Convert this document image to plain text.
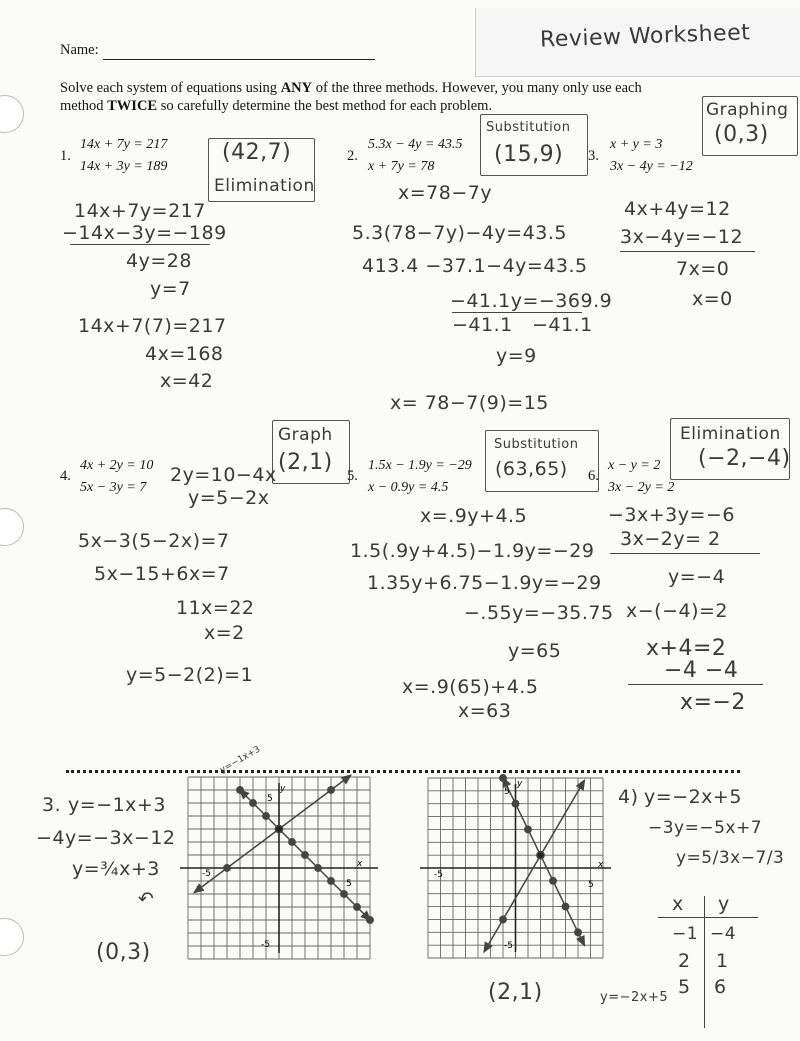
Review Worksheet
Name:
Solve each system of equations using ANY of the three methods. However, you many only use each
method TWICE so carefully determine the best method for each problem.
1.
14x + 7y = 217
14x + 3y = 189
(42,7)
Elimination
14x+7y=217
−14x−3y=−189
4y=28
y=7
14x+7(7)=217
4x=168
x=42
2.
5.3x − 4y = 43.5
x + 7y = 78
Substitution
(15,9)
x=78−7y
5.3(78−7y)−4y=43.5
413.4 −37.1−4y=43.5
−41.1y=−369.9
−41.1 −41.1
y=9
x= 78−7(9)=15
3.
x + y = 3
3x − 4y = −12
Graphing
(0,3)
4x+4y=12
3x−4y=−12
7x=0
x=0
4.
4x + 2y = 10
5x − 3y = 7
Graph
(2,1)
2y=10−4x
y=5−2x
5x−3(5−2x)=7
5x−15+6x=7
11x=22
x=2
y=5−2(2)=1
5.
1.5x − 1.9y = −29
x − 0.9y = 4.5
Substitution
(63,65)
x=.9y+4.5
1.5(.9y+4.5)−1.9y=−29
1.35y+6.75−1.9y=−29
−.55y=−35.75
y=65
x=.9(65)+4.5
x=63
6.
x − y = 2
3x − 2y = 2
Elimination
(−2,−4)
−3x+3y=−6
3x−2y= 2
y=−4
x−(−4)=2
x+4=2
−4 −4
x=−2
3. y=−1x+3
−4y=−3x−12
y=¾x+3
↶
(0,3)
-5
5
5
-5
x
y
y=−1x+3
-5
5
5
-5
x
y
y=−2x+5
(2,1)
4) y=−2x+5
−3y=−5x+7
y=5/3x−7/3
x y
−1 −4
2 1
5 6
